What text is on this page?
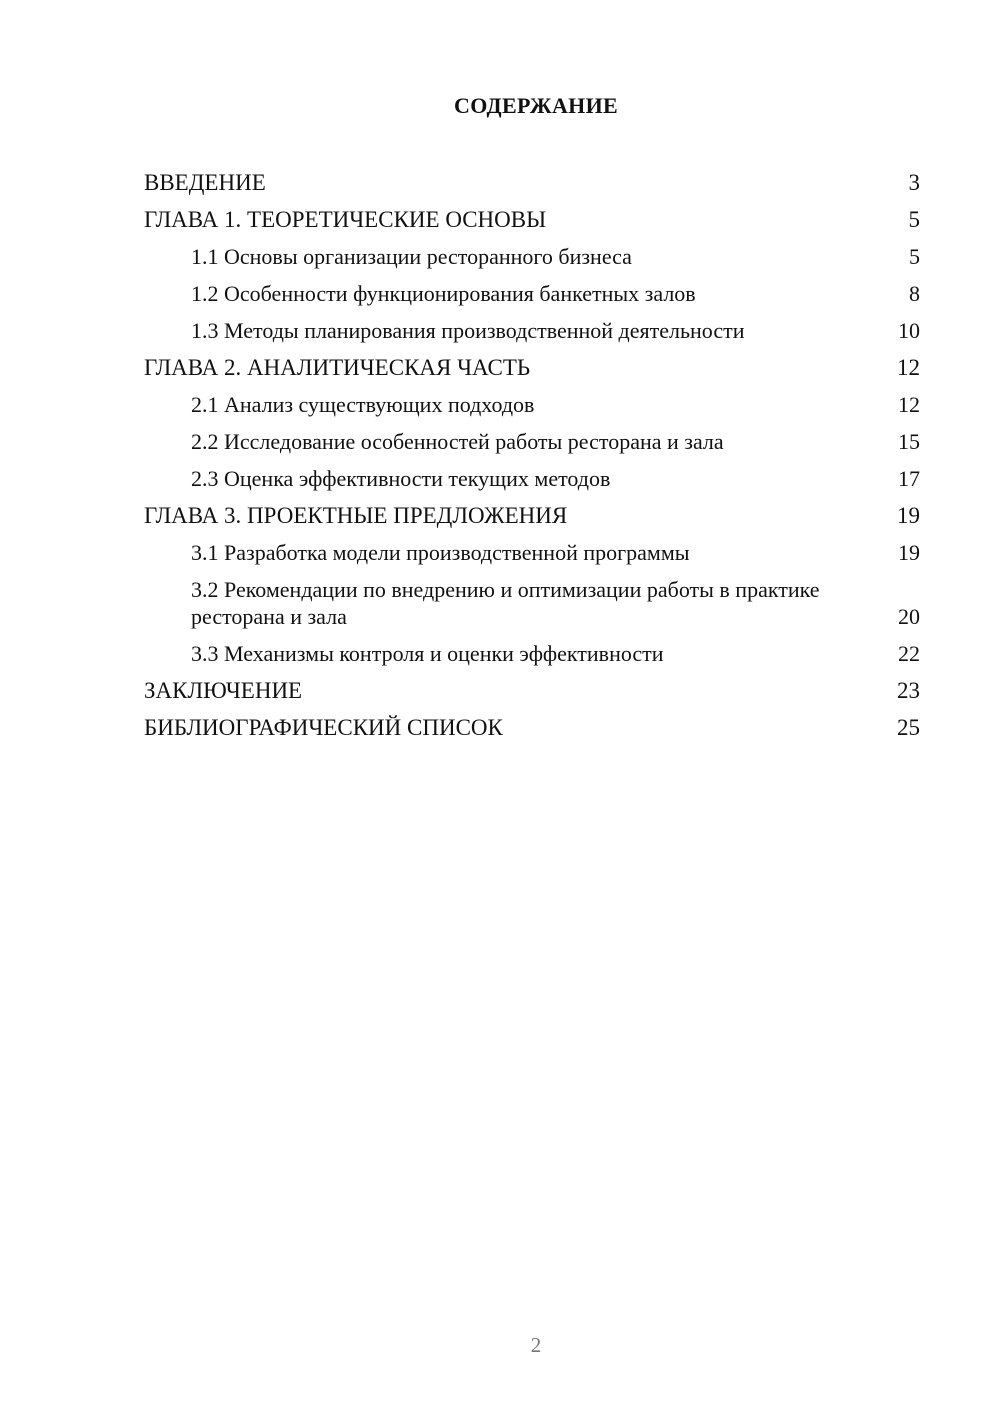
СОДЕРЖАНИЕ
ВВЕДЕНИЕ	3
ГЛАВА 1. ТЕОРЕТИЧЕСКИЕ ОСНОВЫ	5
1.1 Основы организации ресторанного бизнеса	5
1.2 Особенности функционирования банкетных залов	8
1.3 Методы планирования производственной деятельности	10
ГЛАВА 2. АНАЛИТИЧЕСКАЯ ЧАСТЬ	12
2.1 Анализ существующих подходов	12
2.2 Исследование особенностей работы ресторана и зала	15
2.3 Оценка эффективности текущих методов	17
ГЛАВА 3. ПРОЕКТНЫЕ ПРЕДЛОЖЕНИЯ	19
3.1 Разработка модели производственной программы	19
3.2 Рекомендации по внедрению и оптимизации работы в практике ресторана и зала	20
3.3 Механизмы контроля и оценки эффективности	22
ЗАКЛЮЧЕНИЕ	23
БИБЛИОГРАФИЧЕСКИЙ СПИСОК	25
2
